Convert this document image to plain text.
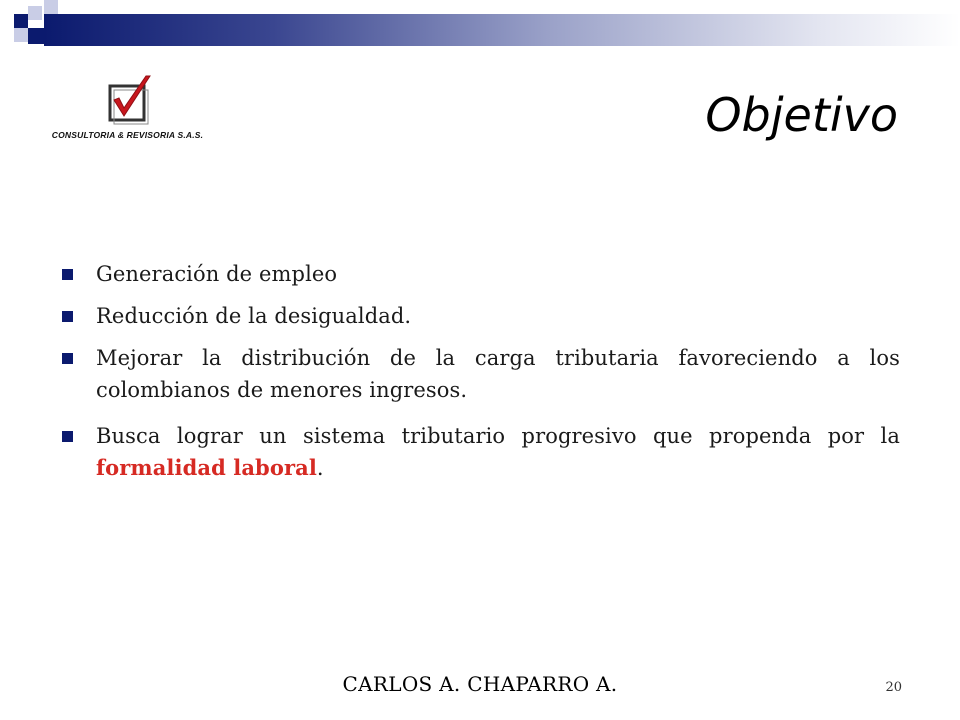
CONSULTORIA & REVISORIA S.A.S.	Objetivo
Generación de empleo
Reducción de la desigualdad.
Mejorar la distribución de la carga tributaria favoreciendo a los colombianos de menores ingresos.
Busca lograr un sistema tributario progresivo que propenda por la formalidad laboral.
CARLOS A. CHAPARRO A.	20
